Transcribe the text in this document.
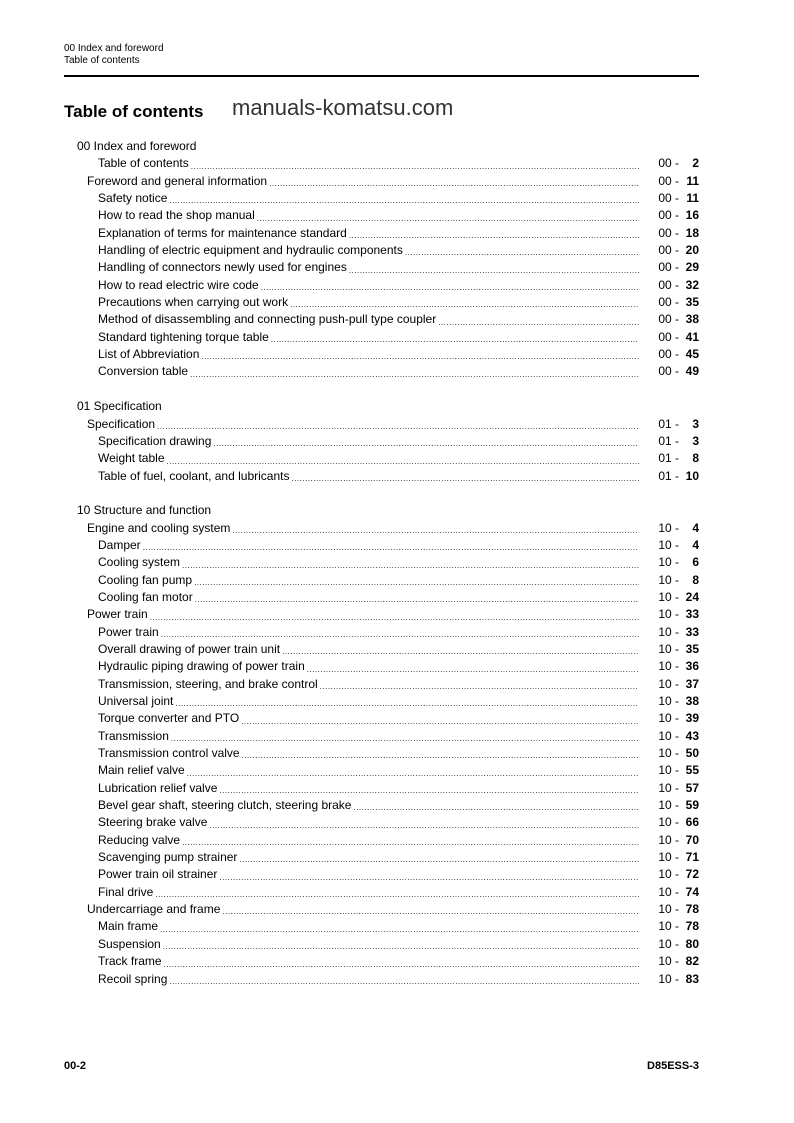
00 Index and foreword
Table of contents
Table of contents manuals-komatsu.com
00 Index and foreword
Table of contents .....	00 -	2
Foreword and general information .....	00 - 11
Safety notice .....	00 - 11
How to read the shop manual .....	00 - 16
Explanation of terms for maintenance standard .....	00 - 18
Handling of electric equipment and hydraulic components .....	00 - 20
Handling of connectors newly used for engines .....	00 - 29
How to read electric wire code .....	00 - 32
Precautions when carrying out work .....	00 - 35
Method of disassembling and connecting push-pull type coupler .....	00 - 38
Standard tightening torque table .....	00 - 41
List of Abbreviation .....	00 - 45
Conversion table .....	00 - 49
01 Specification
Specification .....	01 -	3
Specification drawing .....	01 -	3
Weight table .....	01 -	8
Table of fuel, coolant, and lubricants .....	01 - 10
10 Structure and function
Engine and cooling system .....	10 -	4
Damper .....	10 -	4
Cooling system .....	10 -	6
Cooling fan pump .....	10 -	8
Cooling fan motor .....	10 - 24
Power train .....	10 - 33
Power train .....	10 - 33
Overall drawing of power train unit .....	10 - 35
Hydraulic piping drawing of power train .....	10 - 36
Transmission, steering, and brake control .....	10 - 37
Universal joint .....	10 - 38
Torque converter and PTO .....	10 - 39
Transmission .....	10 - 43
Transmission control valve .....	10 - 50
Main relief valve .....	10 - 55
Lubrication relief valve .....	10 - 57
Bevel gear shaft, steering clutch, steering brake .....	10 - 59
Steering brake valve .....	10 - 66
Reducing valve .....	10 - 70
Scavenging pump strainer .....	10 - 71
Power train oil strainer .....	10 - 72
Final drive .....	10 - 74
Undercarriage and frame .....	10 - 78
Main frame .....	10 - 78
Suspension .....	10 - 80
Track frame .....	10 - 82
Recoil spring .....	10 - 83
00-2	D85ESS-3
